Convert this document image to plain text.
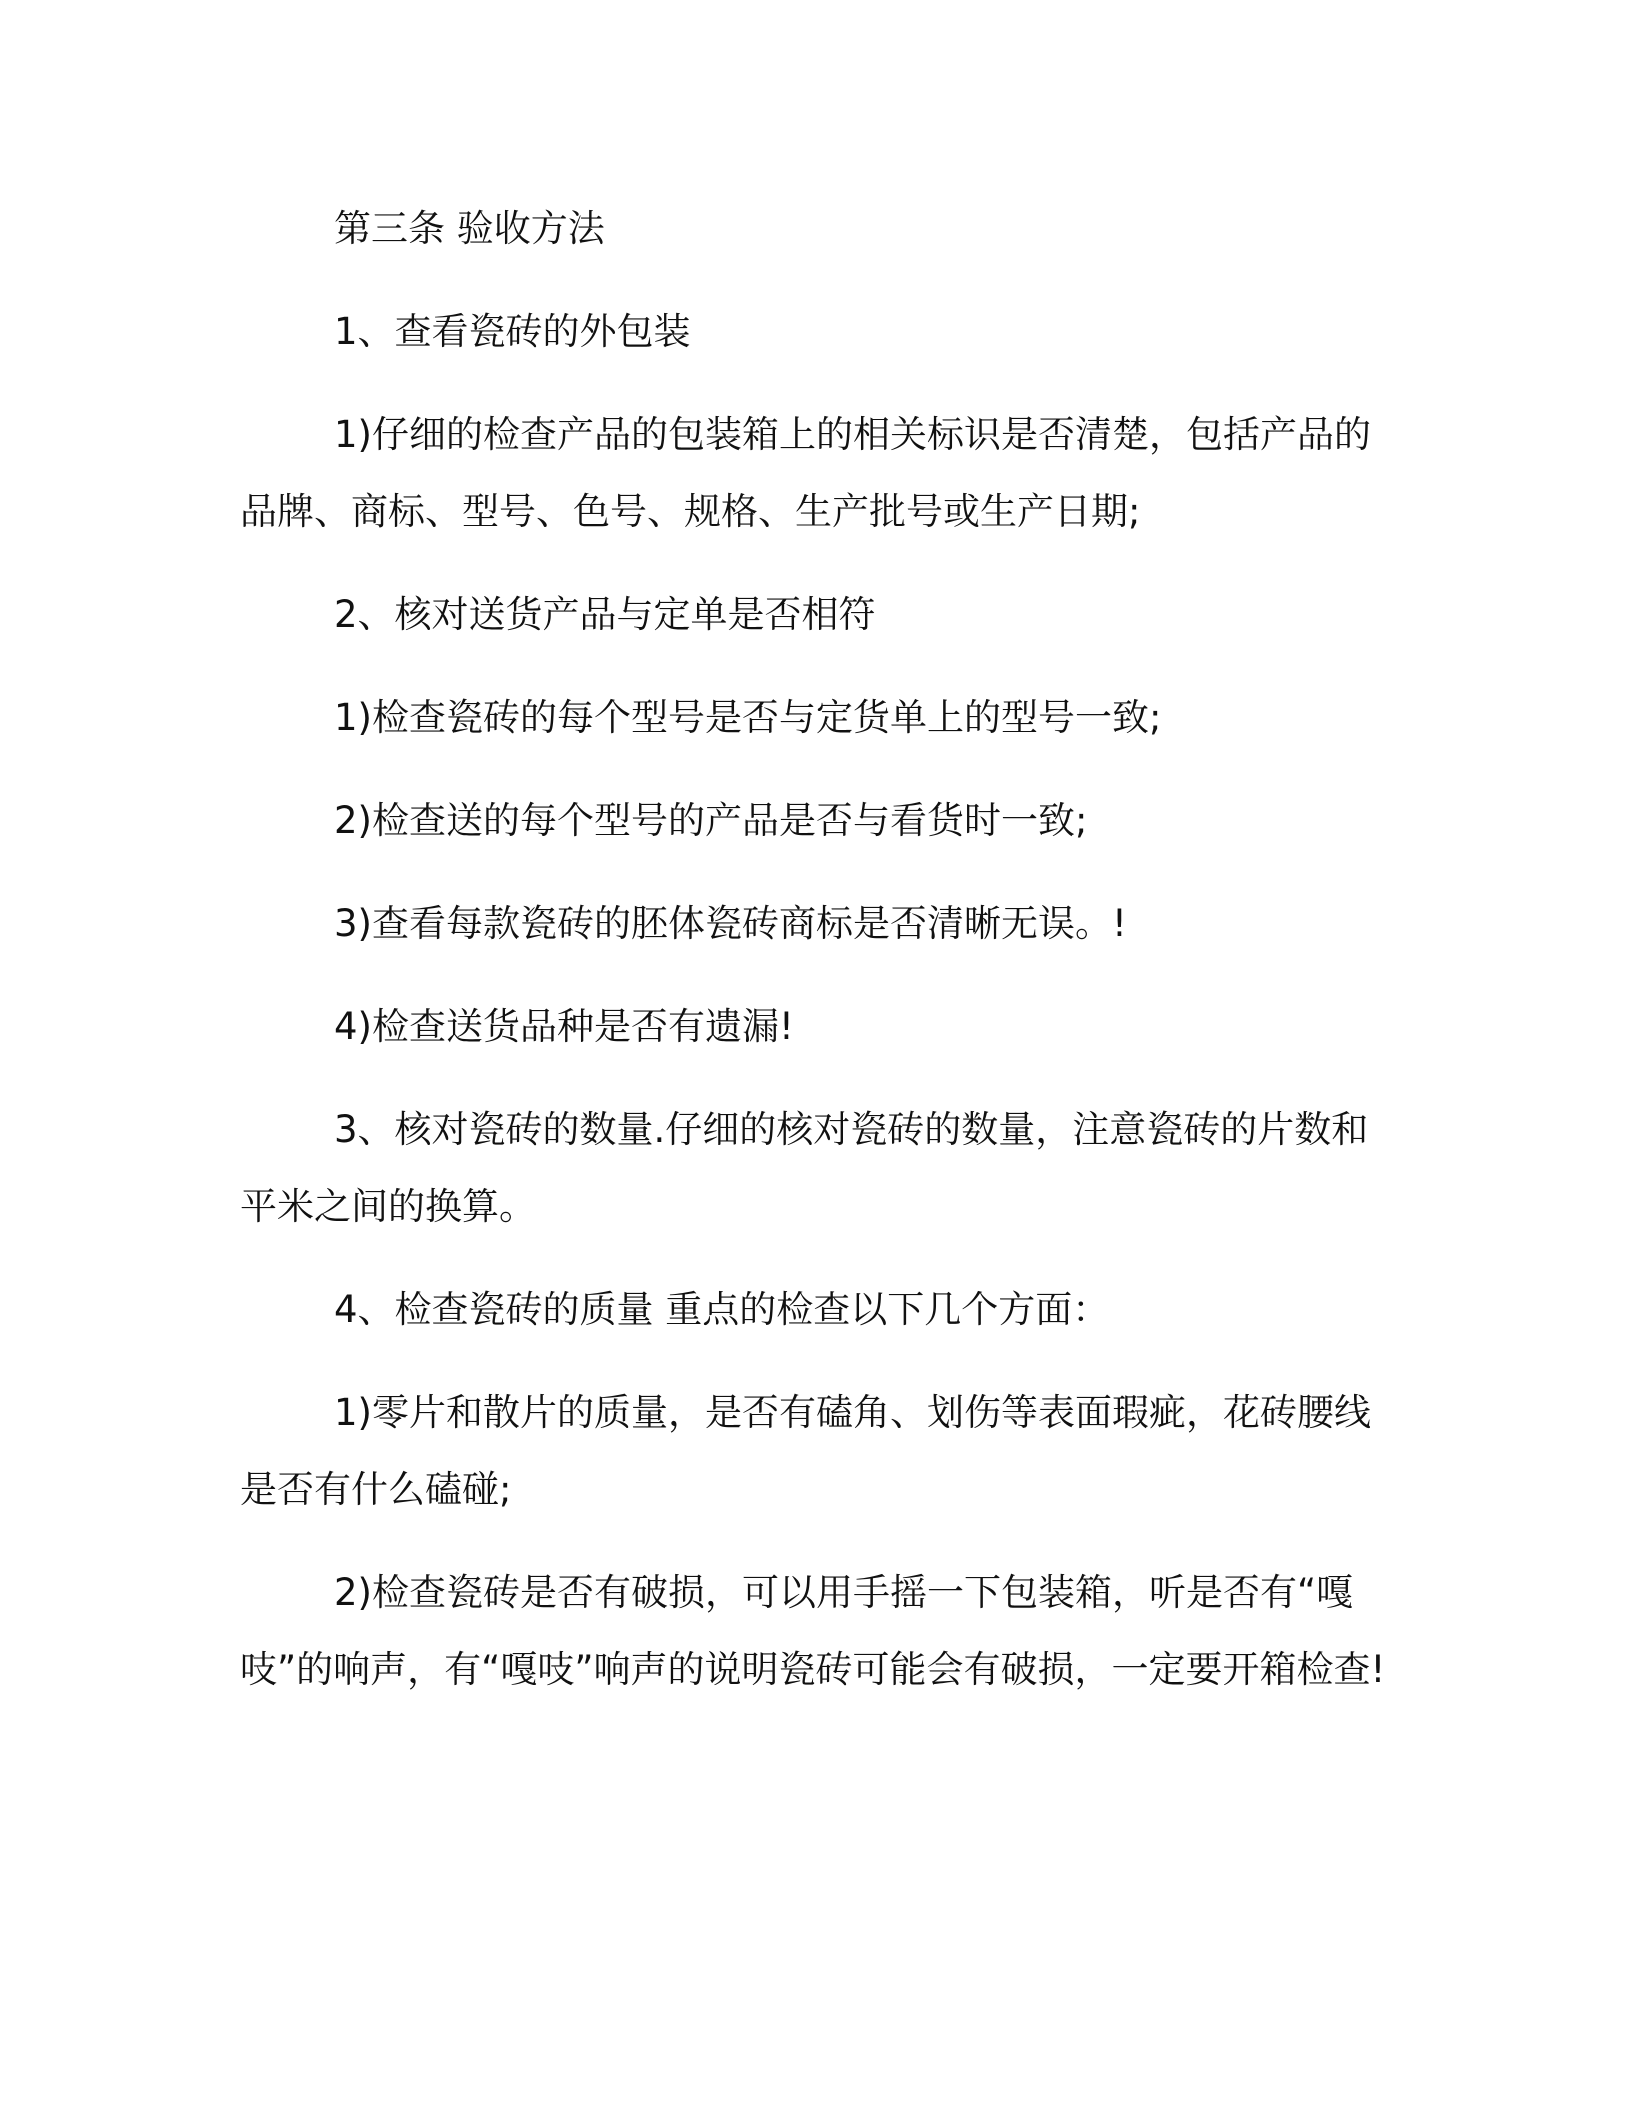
第三条 验收方法

1、查看瓷砖的外包装

1)仔细的检查产品的包装箱上的相关标识是否清楚，包括产品的品牌、商标、型号、色号、规格、生产批号或生产日期;

2、核对送货产品与定单是否相符

1)检查瓷砖的每个型号是否与定货单上的型号一致;

2)检查送的每个型号的产品是否与看货时一致;

3)查看每款瓷砖的胚体瓷砖商标是否清晰无误。!

4)检查送货品种是否有遗漏!

3、核对瓷砖的数量.仔细的核对瓷砖的数量，注意瓷砖的片数和平米之间的换算。

4、检查瓷砖的质量 重点的检查以下几个方面：

1)零片和散片的质量，是否有磕角、划伤等表面瑕疵，花砖腰线是否有什么磕碰;

2)检查瓷砖是否有破损，可以用手摇一下包装箱，听是否有“嘎吱”的响声，有“嘎吱”响声的说明瓷砖可能会有破损，一定要开箱检查!
